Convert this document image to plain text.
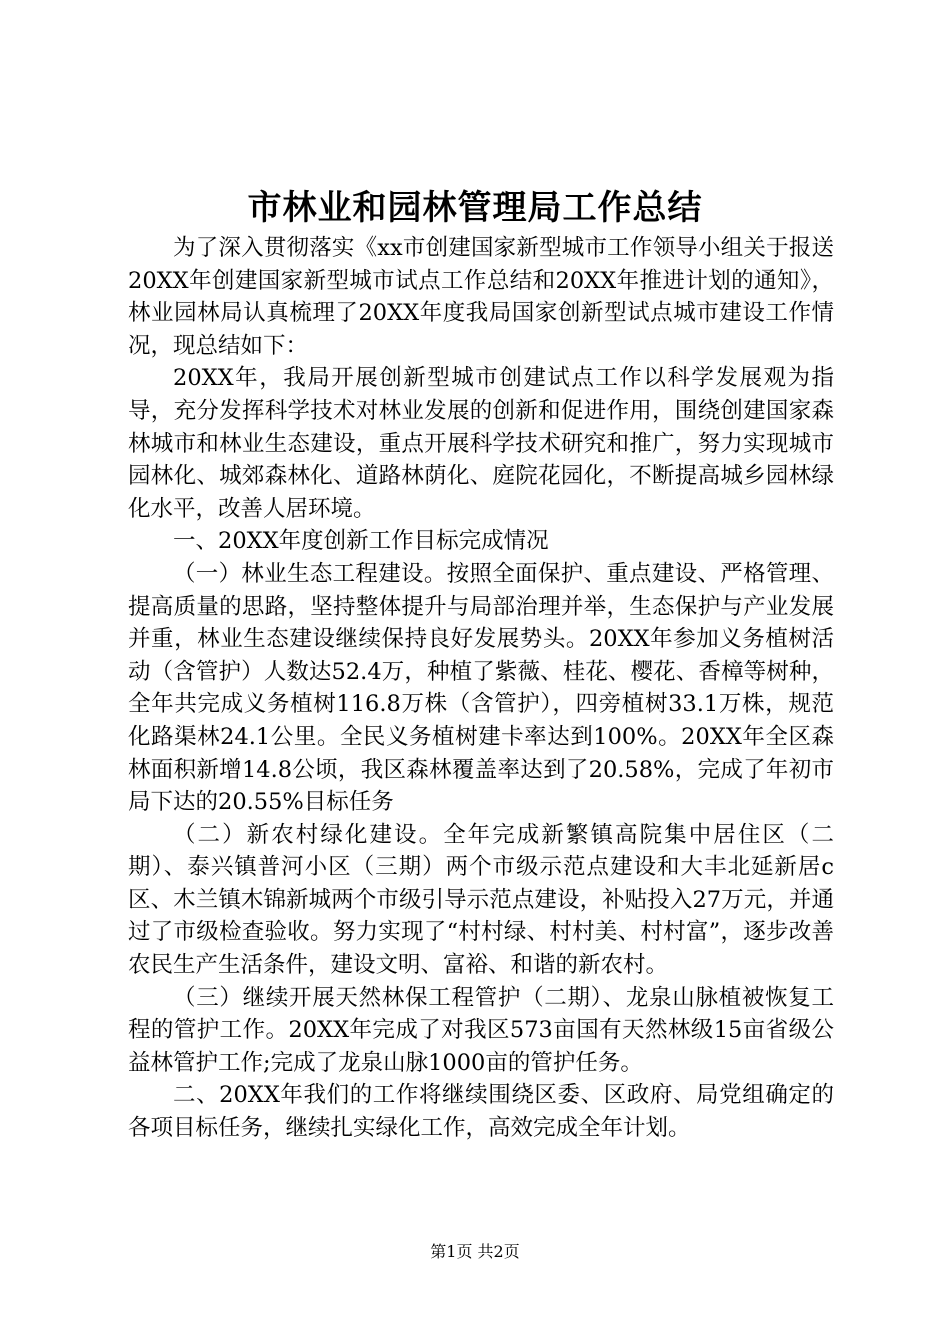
市林业和园林管理局工作总结

为了深入贯彻落实《xx市创建国家新型城市工作领导小组关于报送20XX年创建国家新型城市试点工作总结和20XX年推进计划的通知》，林业园林局认真梳理了20XX年度我局国家创新型试点城市建设工作情况，现总结如下：

20XX年，我局开展创新型城市创建试点工作以科学发展观为指导，充分发挥科学技术对林业发展的创新和促进作用，围绕创建国家森林城市和林业生态建设，重点开展科学技术研究和推广，努力实现城市园林化、城郊森林化、道路林荫化、庭院花园化，不断提高城乡园林绿化水平，改善人居环境。

一、20XX年度创新工作目标完成情况

（一）林业生态工程建设。按照全面保护、重点建设、严格管理、提高质量的思路，坚持整体提升与局部治理并举，生态保护与产业发展并重，林业生态建设继续保持良好发展势头。20XX年参加义务植树活动（含管护）人数达52.4万，种植了紫薇、桂花、樱花、香樟等树种，全年共完成义务植树116.8万株（含管护），四旁植树33.1万株，规范化路渠林24.1公里。全民义务植树建卡率达到100%。20XX年全区森林面积新增14.8公顷，我区森林覆盖率达到了20.58%，完成了年初市局下达的20.55%目标任务

（二）新农村绿化建设。全年完成新繁镇高院集中居住区（二期）、泰兴镇普河小区（三期）两个市级示范点建设和大丰北延新居c区、木兰镇木锦新城两个市级引导示范点建设，补贴投入27万元，并通过了市级检查验收。努力实现了“村村绿、村村美、村村富”，逐步改善农民生产生活条件，建设文明、富裕、和谐的新农村。

（三）继续开展天然林保工程管护（二期）、龙泉山脉植被恢复工程的管护工作。20XX年完成了对我区573亩国有天然林级15亩省级公益林管护工作;完成了龙泉山脉1000亩的管护任务。

二、20XX年我们的工作将继续围绕区委、区政府、局党组确定的各项目标任务，继续扎实绿化工作，高效完成全年计划。

第1页 共2页
